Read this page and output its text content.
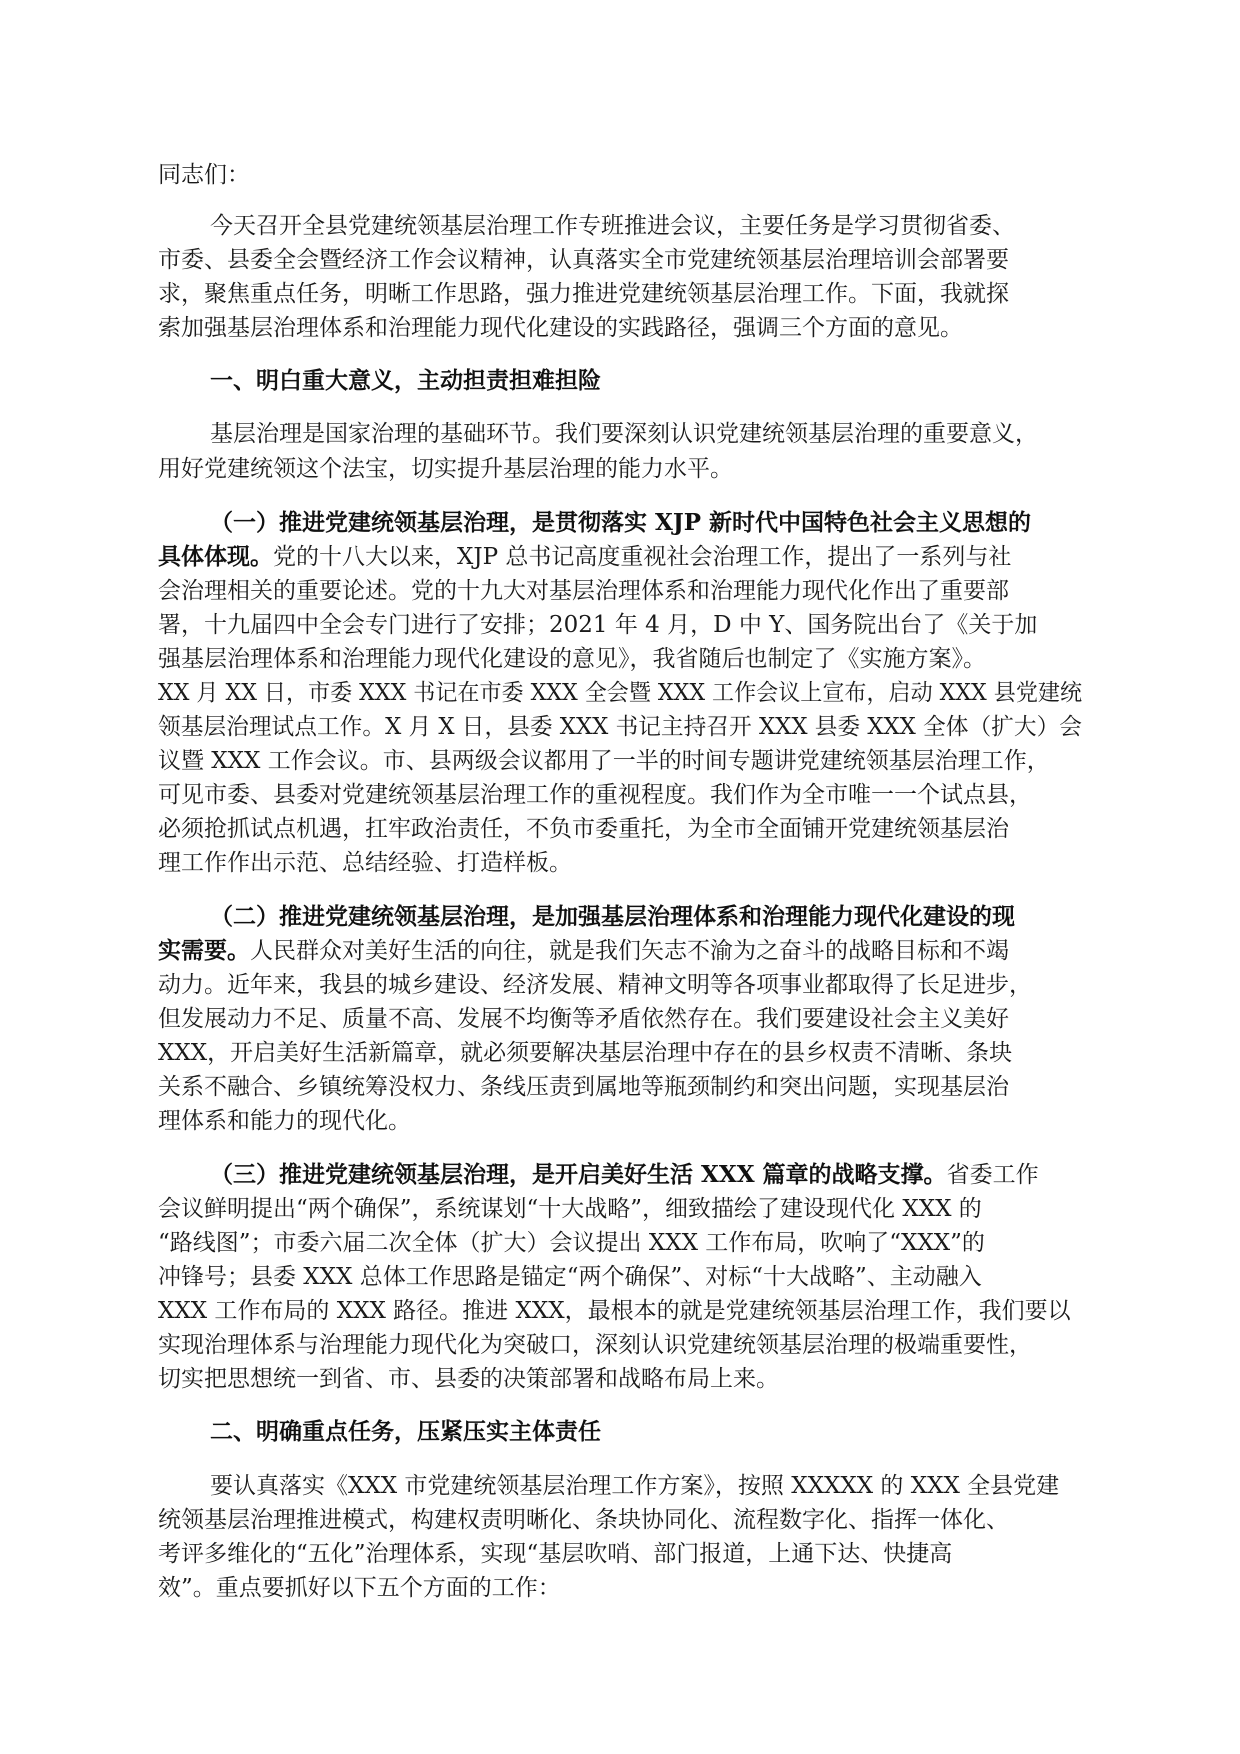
同志们：
今天召开全县党建统领基层治理工作专班推进会议，主要任务是学习贯彻省委、
市委、县委全会暨经济工作会议精神，认真落实全市党建统领基层治理培训会部署要
求，聚焦重点任务，明晰工作思路，强力推进党建统领基层治理工作。下面，我就探
索加强基层治理体系和治理能力现代化建设的实践路径，强调三个方面的意见。
一、明白重大意义，主动担责担难担险
基层治理是国家治理的基础环节。我们要深刻认识党建统领基层治理的重要意义，
用好党建统领这个法宝，切实提升基层治理的能力水平。
（一）推进党建统领基层治理，是贯彻落实 XJP 新时代中国特色社会主义思想的
具体体现。 党的十八大以来，XJP 总书记高度重视社会治理工作，提出了一系列与社
会治理相关的重要论述。党的十九大对基层治理体系和治理能力现代化作出了重要部
署，十九届四中全会专门进行了安排；2021 年 4 月，D 中 Y、国务院出台了《关于加
强基层治理体系和治理能力现代化建设的意见》，我省随后也制定了《实施方案》。
XX 月 XX 日，市委 XXX 书记在市委 XXX 全会暨 XXX 工作会议上宣布，启动 XXX 县党建统
领基层治理试点工作。X 月 X 日，县委 XXX 书记主持召开 XXX 县委 XXX 全体（扩大）会
议暨 XXX 工作会议。市、县两级会议都用了一半的时间专题讲党建统领基层治理工作，
可见市委、县委对党建统领基层治理工作的重视程度。我们作为全市唯一一个试点县，
必须抢抓试点机遇，扛牢政治责任，不负市委重托，为全市全面铺开党建统领基层治
理工作作出示范、总结经验、打造样板。
（二）推进党建统领基层治理，是加强基层治理体系和治理能力现代化建设的现
实需要。 人民群众对美好生活的向往，就是我们矢志不渝为之奋斗的战略目标和不竭
动力。近年来，我县的城乡建设、经济发展、精神文明等各项事业都取得了长足进步，
但发展动力不足、质量不高、发展不均衡等矛盾依然存在。我们要建设社会主义美好
XXX，开启美好生活新篇章，就必须要解决基层治理中存在的县乡权责不清晰、条块
关系不融合、乡镇统筹没权力、条线压责到属地等瓶颈制约和突出问题，实现基层治
理体系和能力的现代化。
（三）推进党建统领基层治理，是开启美好生活 XXX 篇章的战略支撑。 省委工作
会议鲜明提出“两个确保”，系统谋划“十大战略”，细致描绘了建设现代化 XXX 的
“路线图”；市委六届二次全体（扩大）会议提出 XXX 工作布局，吹响了“XXX”的
冲锋号；县委 XXX 总体工作思路是锚定“两个确保”、对标“十大战略”、主动融入
XXX 工作布局的 XXX 路径。推进 XXX，最根本的就是党建统领基层治理工作，我们要以
实现治理体系与治理能力现代化为突破口，深刻认识党建统领基层治理的极端重要性，
切实把思想统一到省、市、县委的决策部署和战略布局上来。
二、明确重点任务，压紧压实主体责任
要认真落实《XXX 市党建统领基层治理工作方案》，按照 XXXXX 的 XXX 全县党建
统领基层治理推进模式，构建权责明晰化、条块协同化、流程数字化、指挥一体化、
考评多维化的“五化”治理体系，实现“基层吹哨、部门报道，上通下达、快捷高
效”。重点要抓好以下五个方面的工作：
